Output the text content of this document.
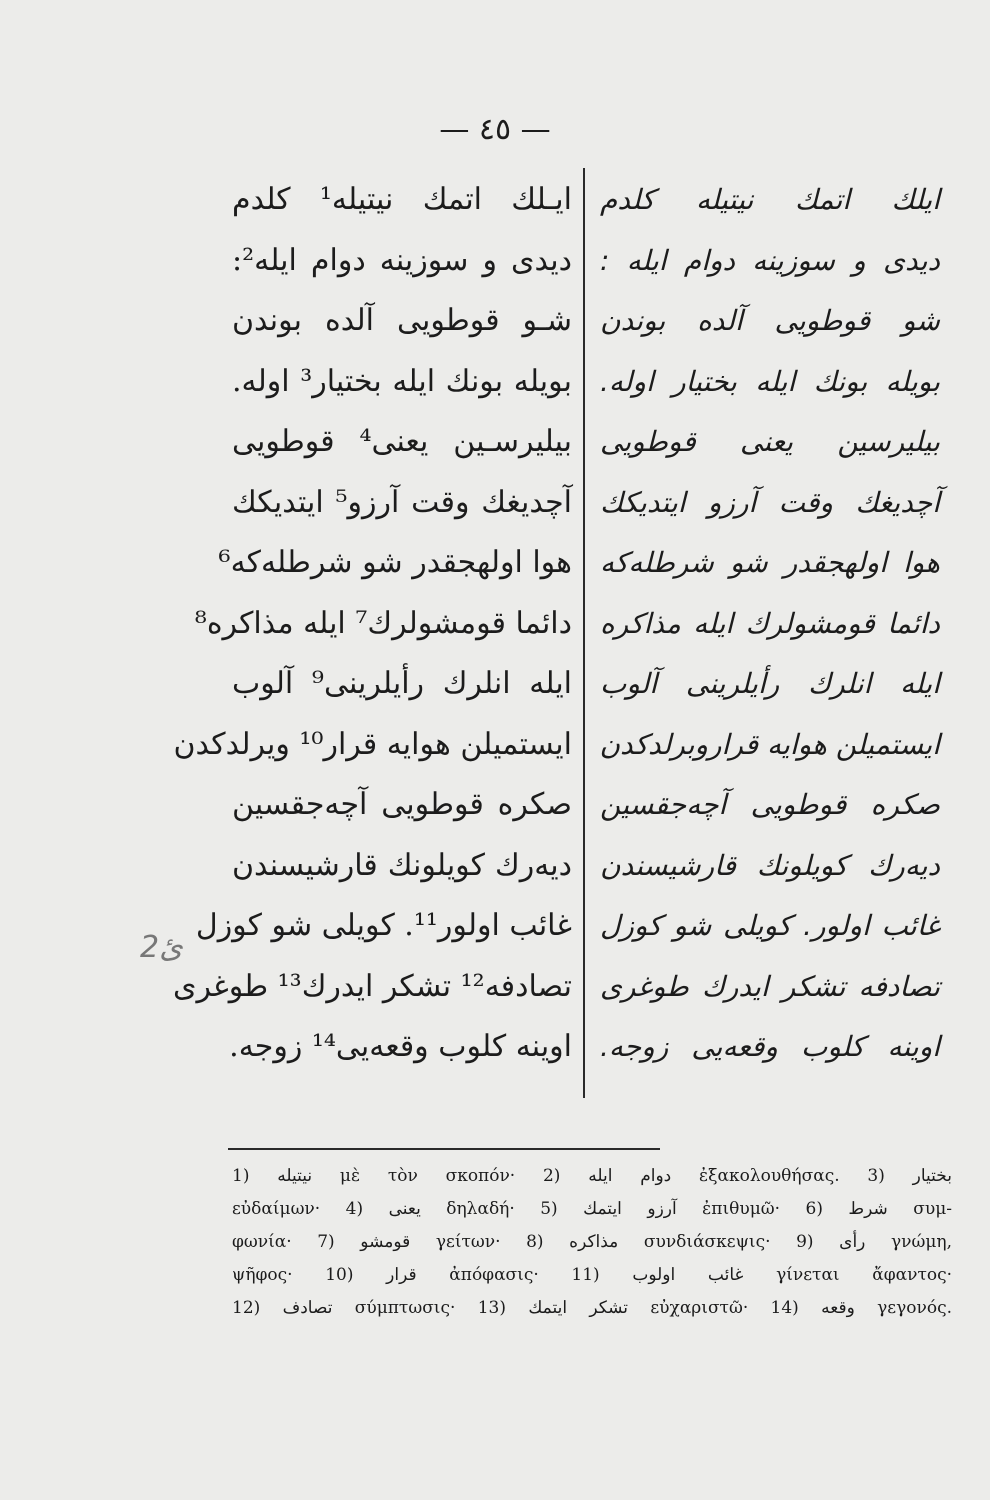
— ٤٥ —
ايـلك اتمك نيتيله¹ كلدم
ديدى و سوزينه دوام ايله²:
شـو قوطويى آلده بوندن
بويله بونك ايله بختيار³ اوله.
بيليرسـين يعنى⁴ قوطويى
آچديغك وقت آرزو⁵ ايتديكك
هوا اولهجقدر شو شرطله‌كه⁶
دائما قومشولرك⁷ ايله مذاكره⁸
ايله انلرك رأيلرينى⁹ آلوب
ايستميلن هوايه قرار¹⁰ ويرلدكدن
صكره قوطويى آچه‌جقسين
ديه‌رك كويلونك قارشيسندن
غائب اولور¹¹. كويلى شو كوزل
تصادفه¹² تشكر ايدرك¹³ طوغرى
اوينه كلوب وقعه‌يى¹⁴ زوجه.
ايلك اتمك نيتيله كلدم
ديدى و سوزينه دوام ايله :
شو قوطويى آلده بوندن
بويله بونك ايله بختيار اوله.
بيليرسين يعنى قوطويى
آچديغك وقت آرزو ايتديكك
هوا اولهجقدر شو شرطله‌كه
دائما قومشولرك ايله مذاكره
ايله انلرك رأيلرينى آلوب
ايستميلن هوايه قراروبرلدكدن
صكره قوطويى آچه‌جقسين
ديه‌رك كويلونك قارشيسندن
غائب اولور. كويلى شو كوزل
تصادفه تشكر ايدرك طوغرى
اوينه كلوب وقعه‌يى زوجه.
ئ2
1) نيتيله μὲ τὸν σκοπόν· 2) دوام ايله ἐξακολουθήσας. 3) بختيار
εὐδαίμων· 4) يعنى δηλαδή· 5) آرزو ايتمك ἐπιθυμῶ· 6) شرط συμ-
φωνία· 7) قومشو γείτων· 8) مذاكره συνδιάσκεψις· 9) رأى γνώμη,
ψῆφος· 10) قرار ἀπόφασις· 11) غائب اولوب γίνεται ἄφαντος·
12) تصادف σύμπτωσις· 13) تشكر ايتمك εὐχαριστῶ· 14) وقعه γεγονός.
